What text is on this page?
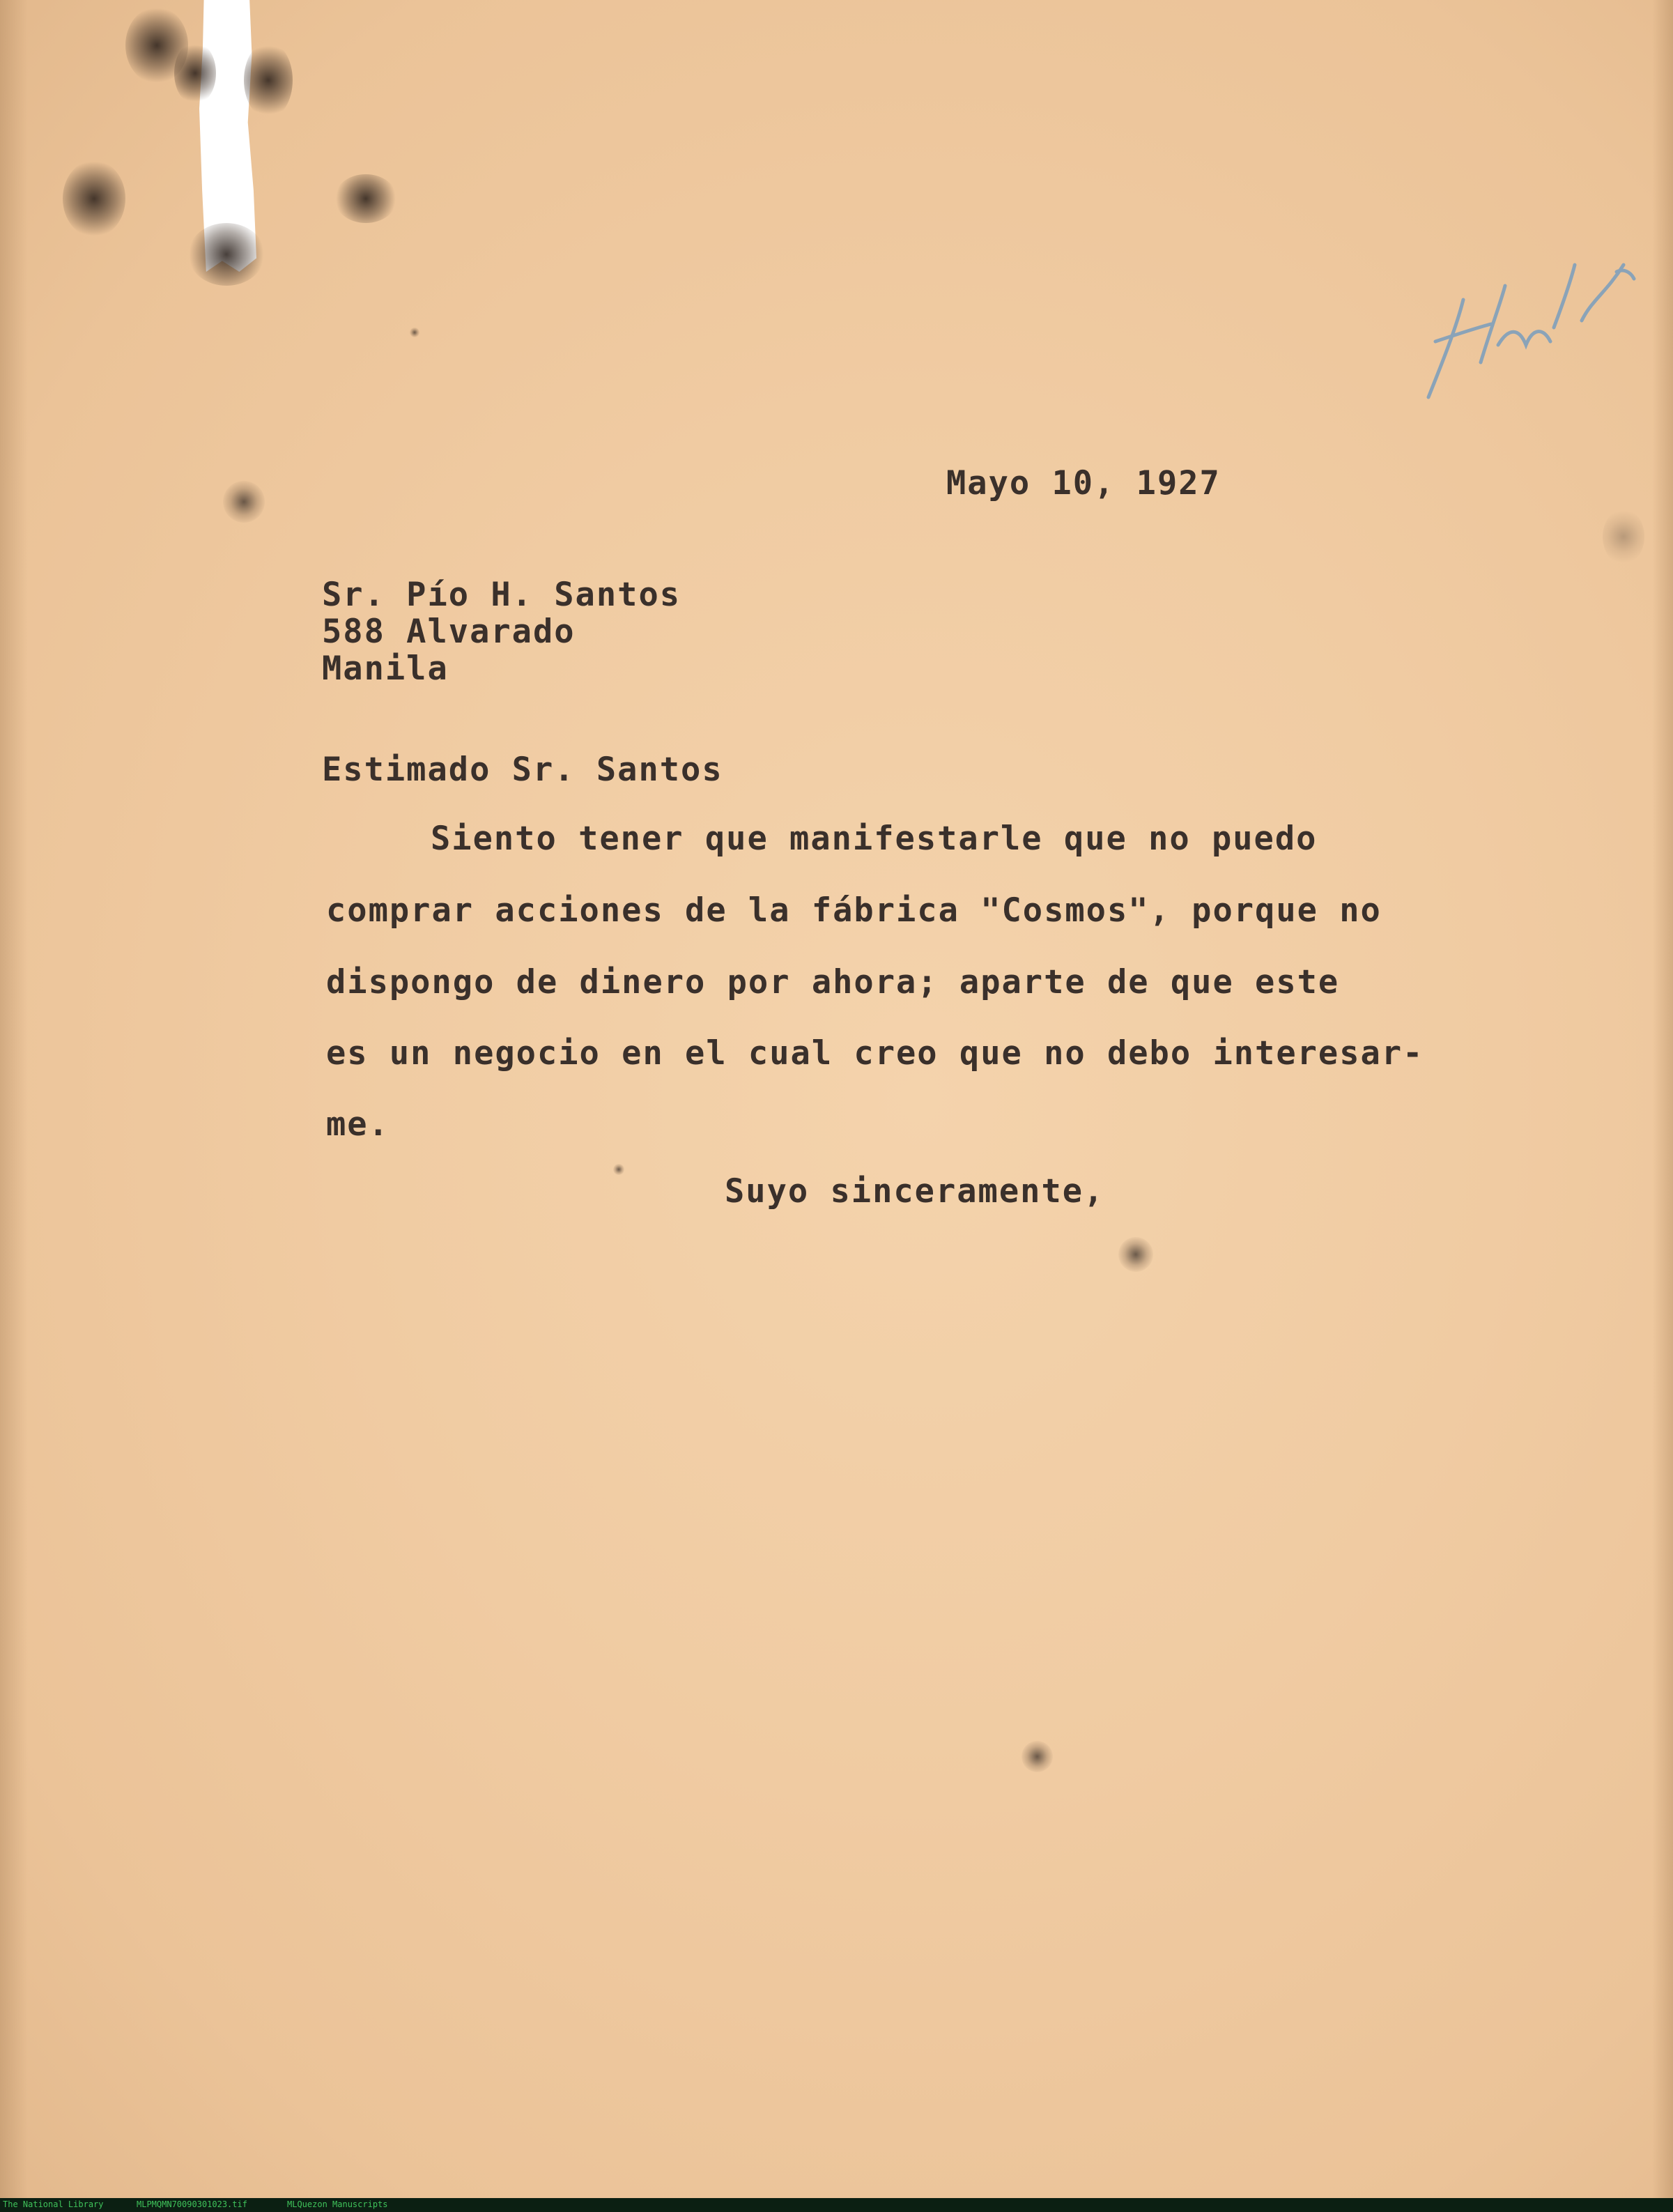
Mayo 10, 1927
Sr. Pío H. Santos
588 Alvarado
Manila
Estimado Sr. Santos
Siento tener que manifestarle que no puedo
comprar acciones de la fábrica "Cosmos", porque no
dispongo de dinero por ahora; aparte de que este
es un negocio en el cual creo que no debo interesar-
me.
Suyo sinceramente,
The National Library	MLPMQMN70090301023.tif	MLQuezon Manuscripts
